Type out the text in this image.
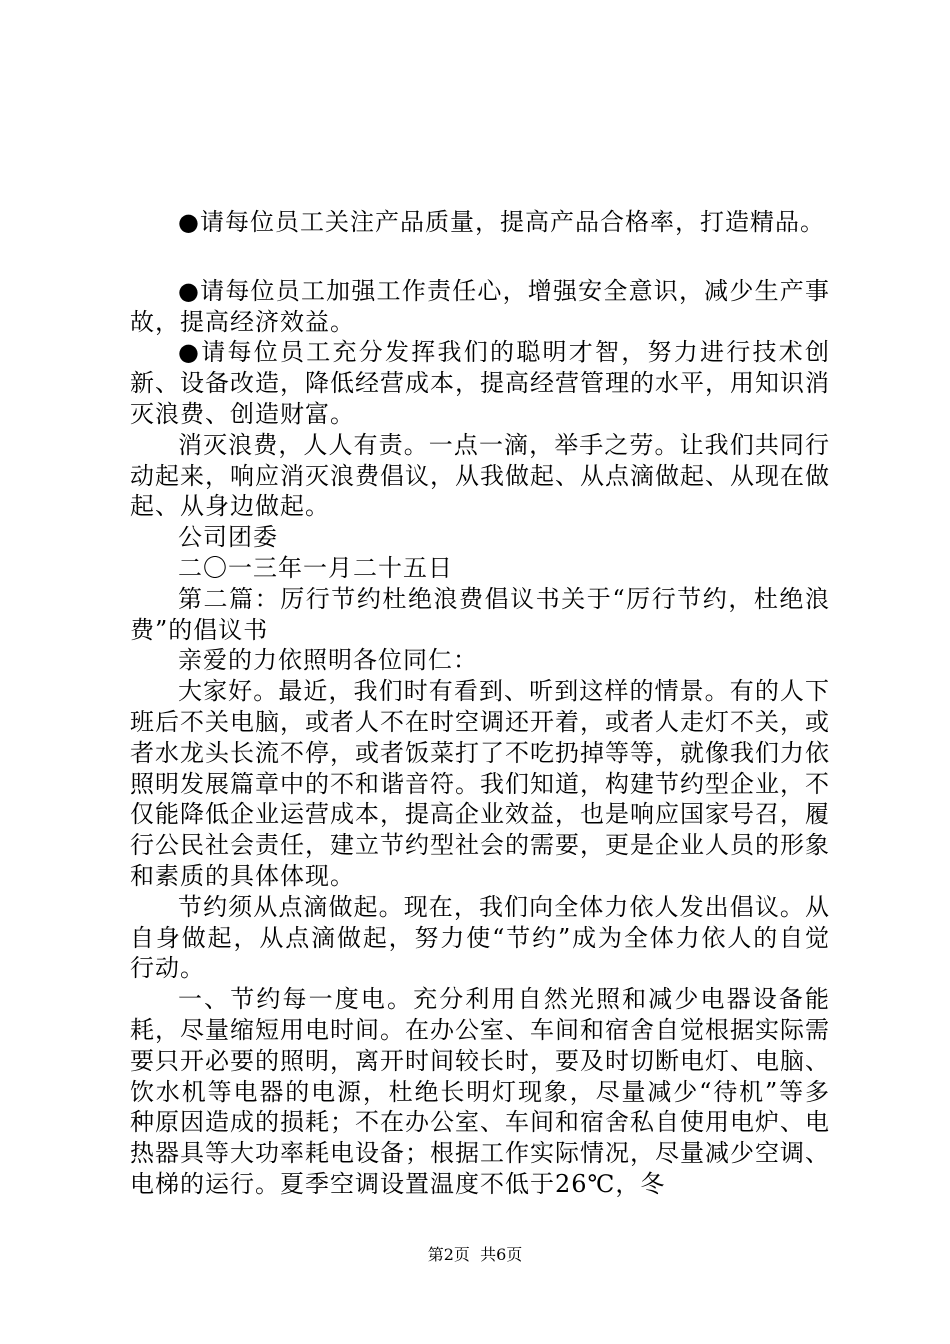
●请每位员工关注产品质量，提高产品合格率，打造精品。

●请每位员工加强工作责任心，增强安全意识，减少生产事故，提高经济效益。

●请每位员工充分发挥我们的聪明才智，努力进行技术创新、设备改造，降低经营成本，提高经营管理的水平，用知识消灭浪费、创造财富。

消灭浪费，人人有责。一点一滴，举手之劳。让我们共同行动起来，响应消灭浪费倡议，从我做起、从点滴做起、从现在做起、从身边做起。

公司团委

二〇一三年一月二十五日

第二篇：厉行节约杜绝浪费倡议书关于“厉行节约，杜绝浪费”的倡议书

亲爱的力依照明各位同仁：

大家好。最近，我们时有看到、听到这样的情景。有的人下班后不关电脑，或者人不在时空调还开着，或者人走灯不关，或者水龙头长流不停，或者饭菜打了不吃扔掉等等，就像我们力依照明发展篇章中的不和谐音符。我们知道，构建节约型企业，不仅能降低企业运营成本，提高企业效益，也是响应国家号召，履行公民社会责任，建立节约型社会的需要，更是企业人员的形象和素质的具体体现。

节约须从点滴做起。现在，我们向全体力依人发出倡议。从自身做起，从点滴做起，努力使“节约”成为全体力依人的自觉行动。

一、节约每一度电。充分利用自然光照和减少电器设备能耗，尽量缩短用电时间。在办公室、车间和宿舍自觉根据实际需要只开必要的照明，离开时间较长时，要及时切断电灯、电脑、饮水机等电器的电源，杜绝长明灯现象，尽量减少“待机”等多种原因造成的损耗；不在办公室、车间和宿舍私自使用电炉、电热器具等大功率耗电设备；根据工作实际情况，尽量减少空调、电梯的运行。夏季空调设置温度不低于26℃，冬

第2页 共6页
